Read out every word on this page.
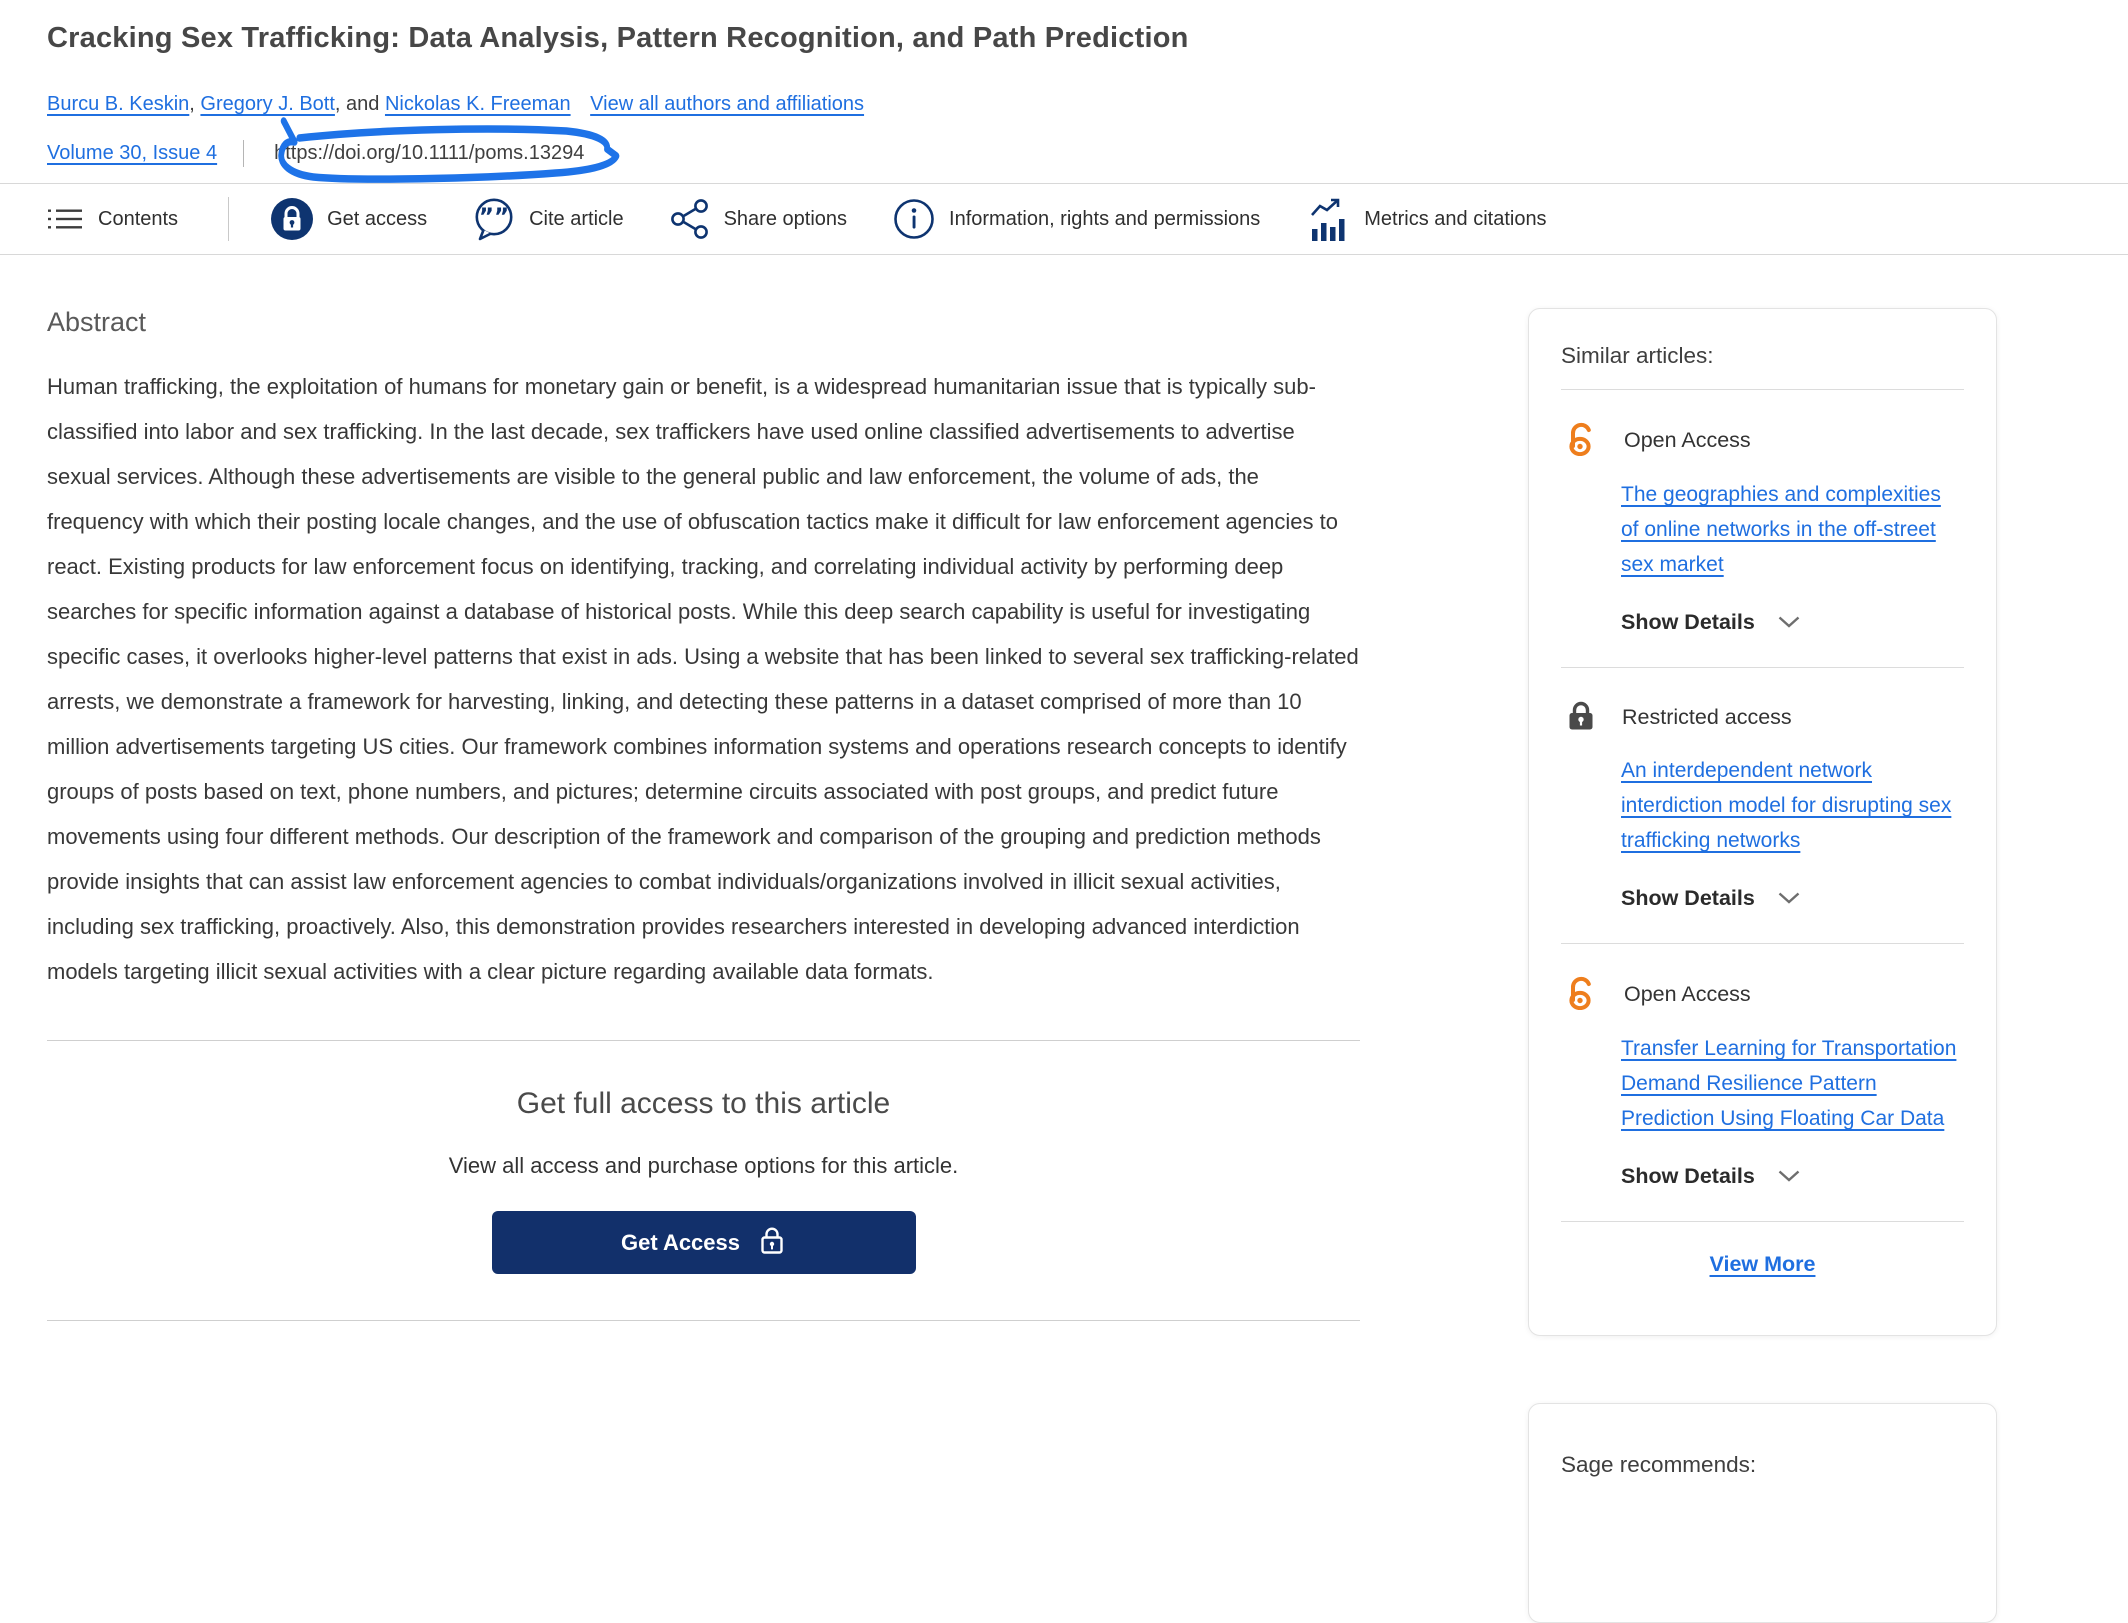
Cracking Sex Trafficking: Data Analysis, Pattern Recognition, and Path Prediction
Burcu B. Keskin, Gregory J. Bott, and Nickolas K. Freeman View all authors and affiliations
Volume 30, Issue 4	https://doi.org/10.1111/poms.13294
Contents	Get access ”” Cite article	Share options	Information, rights and permissions	Metrics and citations
Abstract

Human trafficking, the exploitation of humans for monetary gain or benefit, is a widespread humanitarian issue that is typically sub-classified into labor and sex trafficking. In the last decade, sex traffickers have used online classified advertisements to advertise sexual services. Although these advertisements are visible to the general public and law enforcement, the volume of ads, the frequency with which their posting locale changes, and the use of obfuscation tactics make it difficult for law enforcement agencies to react. Existing products for law enforcement focus on identifying, tracking, and correlating individual activity by performing deep searches for specific information against a database of historical posts. While this deep search capability is useful for investigating specific cases, it overlooks higher-level patterns that exist in ads. Using a website that has been linked to several sex trafficking-related arrests, we demonstrate a framework for harvesting, linking, and detecting these patterns in a dataset comprised of more than 10 million advertisements targeting US cities. Our framework combines information systems and operations research concepts to identify groups of posts based on text, phone numbers, and pictures; determine circuits associated with post groups, and predict future movements using four different methods. Our description of the framework and comparison of the grouping and prediction methods provide insights that can assist law enforcement agencies to combat individuals/organizations involved in illicit sexual activities, including sex trafficking, proactively. Also, this demonstration provides researchers interested in developing advanced interdiction models targeting illicit sexual activities with a clear picture regarding available data formats.

Get full access to this article
View all access and purchase options for this article.
Get Access
Similar articles:
Open Access
The geographies and complexities of online networks in the off-street sex market
Show Details
Restricted access
An interdependent network interdiction model for disrupting sex trafficking networks
Show Details
Open Access
Transfer Learning for Transportation Demand Resilience Pattern Prediction Using Floating Car Data
Show Details
View More
Sage recommends:
